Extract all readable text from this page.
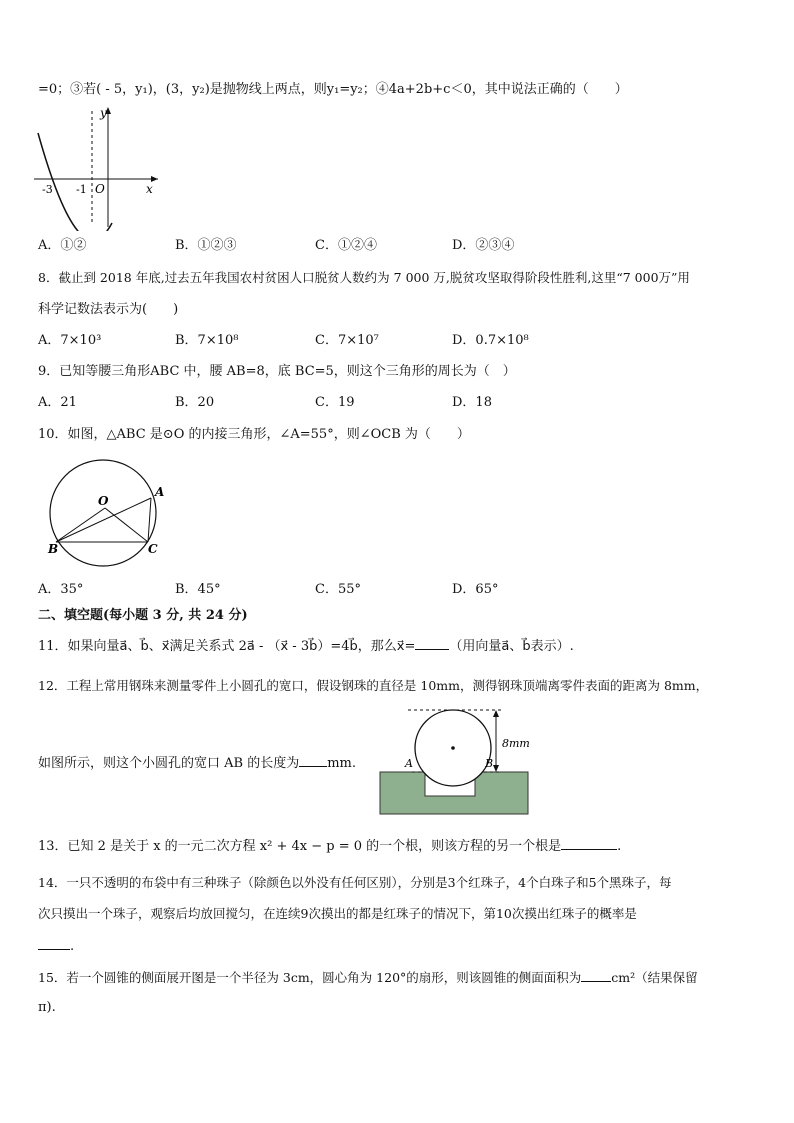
=0；③若( - 5，y₁)，(3，y₂)是抛物线上两点，则y₁=y₂；④4a+2b+c＜0，其中说法正确的（　　）
y
x
O
-3 -1
A．①②	B．①②③	C．①②④	D．②③④
8．截止到 2018 年底,过去五年我国农村贫困人口脱贫人数约为 7 000 万,脱贫攻坚取得阶段性胜利,这里“7 000万”用
科学记数法表示为(　　)
A．7×10³	B．7×10⁸	C．7×10⁷	D．0.7×10⁸
9．已知等腰三角形ABC 中，腰 AB=8，底 BC=5，则这个三角形的周长为（　）
A．21	B．20	C．19	D．18
10．如图，△ABC 是⊙O 的内接三角形，∠A=55°，则∠OCB 为（　　）
O
A
B	C
A．35°	B．45°	C．55°	D．65°
二、填空题(每小题 3 分, 共 24 分)
11．如果向量a⃗、b⃗、x⃗满足关系式 2a⃗ - （x⃗ - 3b⃗）=4b⃗，那么x⃗=	（用向量a⃗、b⃗表示）.
12．工程上常用钢珠来测量零件上小圆孔的宽口，假设钢珠的直径是 10mm，测得钢珠顶端离零件表面的距离为 8mm，
如图所示，则这个小圆孔的宽口 AB 的长度为 mm.
8mm
A	B
13．已知 2 是关于 x 的一元二次方程 x² + 4x − p = 0 的一个根，则该方程的另一个根是	.
14．一只不透明的布袋中有三种珠子（除颜色以外没有任何区别），分别是3个红珠子，4个白珠子和5个黑珠子，每
次只摸出一个珠子，观察后均放回搅匀，在连续9次摸出的都是红珠子的情况下，第10次摸出红珠子的概率是
.
15．若一个圆锥的侧面展开图是一个半径为 3cm，圆心角为 120°的扇形，则该圆锥的侧面面积为 cm²（结果保留
π).
